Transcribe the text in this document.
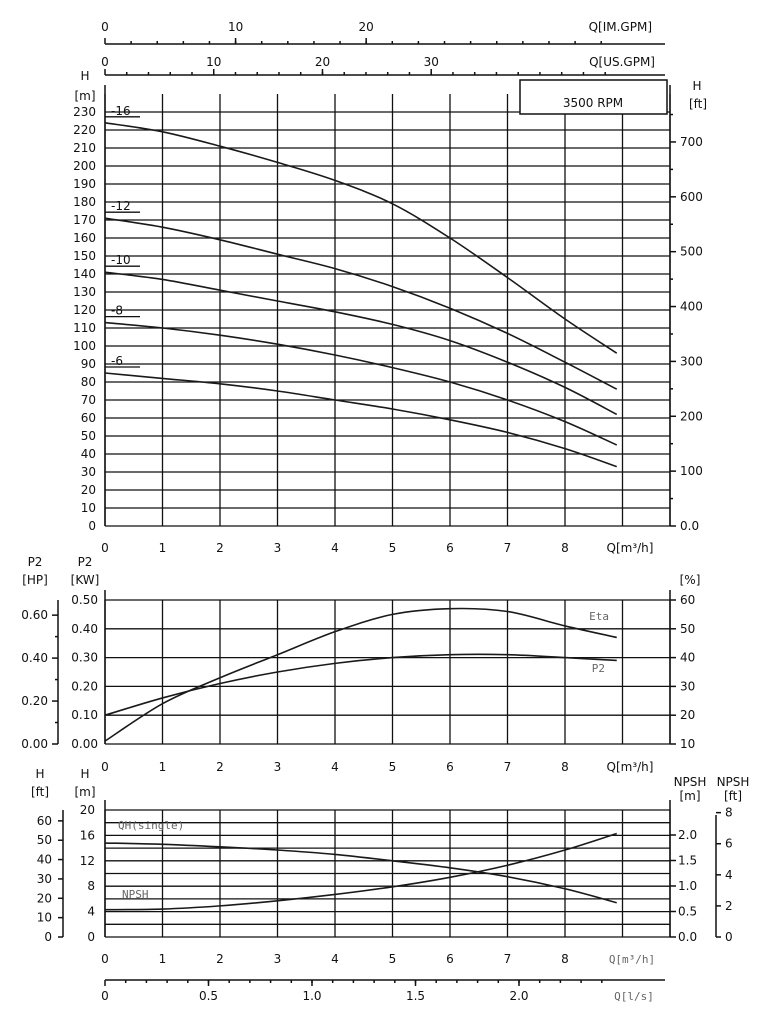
0	10	20	Q[IM.GPM]
0	10	20	30	Q[US.GPM]
0
10
20
30
40
50
60
70
80
90
100
110
120
130
140
150
160
170
180
190
200
210
220
230
0.0
100
200
300
400
500
600
700
H
[m]
H
[ft]
3500 RPM
0	1	2	3	4	5	6	7	8	Q[m³/h]
-16
-12
-10
-8
-6
0.00
0.10
0.20
0.30
0.40
0.50
0.00
0.20
0.40
0.60
10
20
30
40
50
60
P2
[HP]
P2
[KW]	[%]
0	1	2	3	4	5	6	7	8	Q[m³/h]
Eta
P2
0
4
8
12
16
20
0
10
20
30
40
50
60
H
[ft]
H
[m]
0.0
0.5
1.0
1.5
2.0
0
2
4
6
8
NPSH
[m]
NPSH
[ft]
0	1	2	3	4	5	6	7	8	Q[m³/h]
0	0.5	1.0	1.5	2.0	Q[l/s]
QH(single)
NPSH
